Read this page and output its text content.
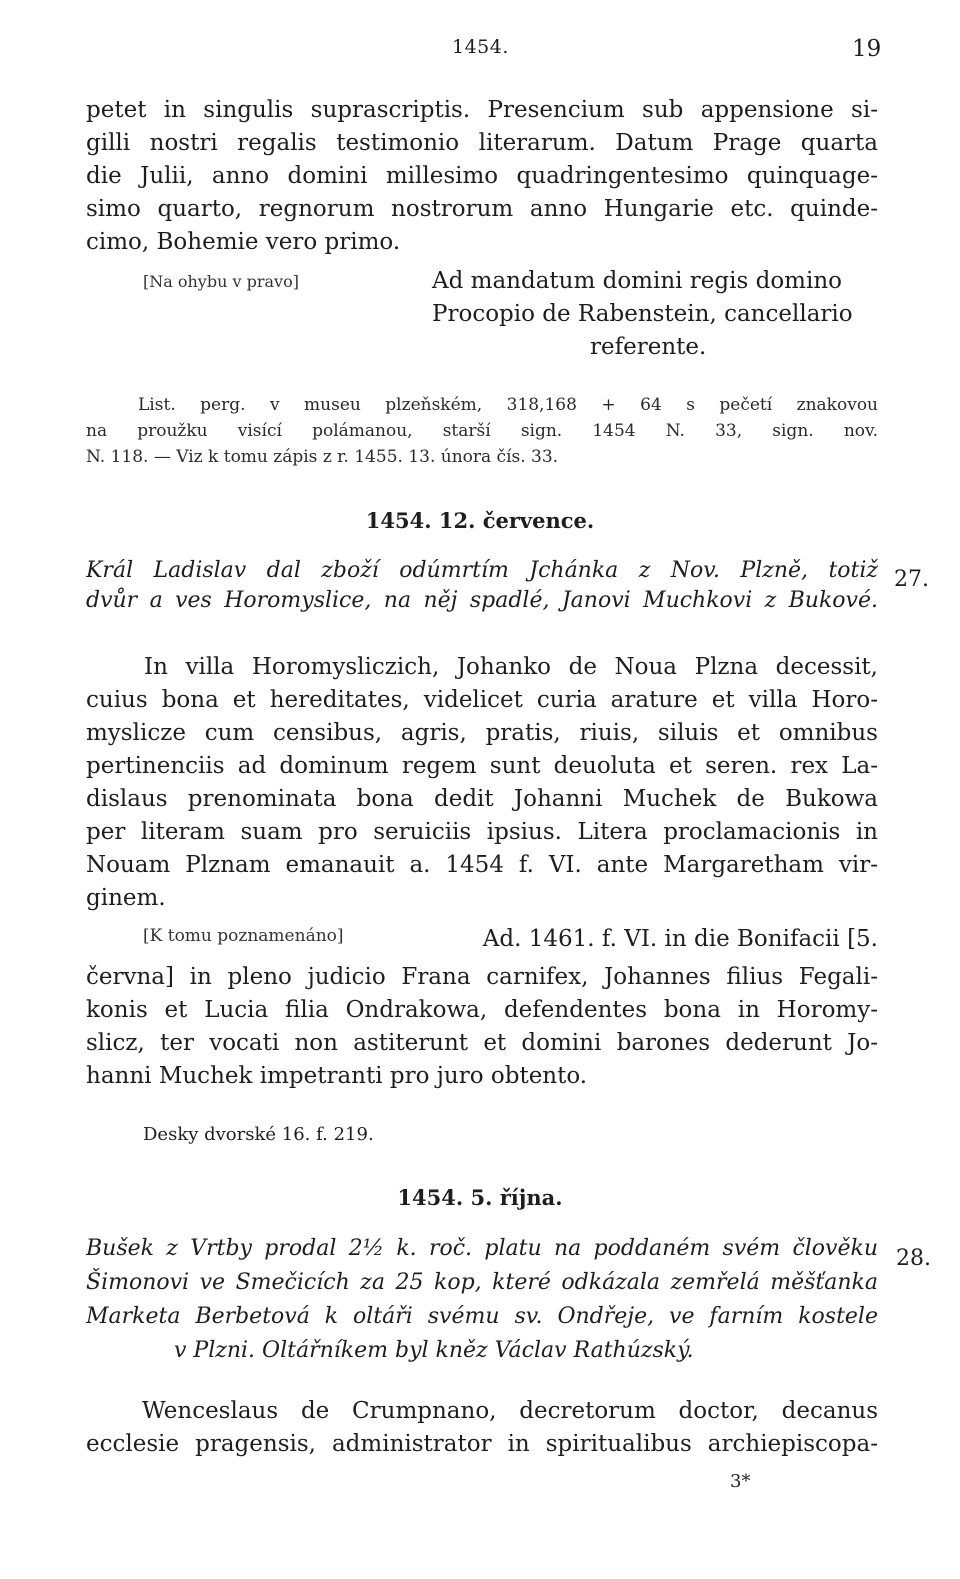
1454.	19
petet in singulis suprascriptis. Presencium sub appensione si-
gilli nostri regalis testimonio literarum. Datum Prage quarta
die Julii, anno domini millesimo quadringentesimo quinquage-
simo quarto, regnorum nostrorum anno Hungarie etc. quinde-
cimo, Bohemie vero primo.
[Na ohybu v pravo]	Ad mandatum domini regis domino
Procopio de Rabenstein, cancellario
referente.
List. perg. v museu plzeňském, 318,168 + 64 s pečetí znakovou
na proužku visící polámanou, starší sign. 1454 N. 33, sign. nov.
N. 118. — Viz k tomu zápis z r. 1455. 13. února čís. 33.
1454. 12. července.
Král Ladislav dal zboží odúmrtím Jchánka z Nov. Plzně, totiž
dvůr a ves Horomyslice, na něj spadlé, Janovi Muchkovi z Bukové.
27.
In villa Horomysliczich, Johanko de Noua Plzna decessit,
cuius bona et hereditates, videlicet curia arature et villa Horo-
myslicze cum censibus, agris, pratis, riuis, siluis et omnibus
pertinenciis ad dominum regem sunt deuoluta et seren. rex La-
dislaus prenominata bona dedit Johanni Muchek de Bukowa
per literam suam pro seruiciis ipsius. Litera proclamacionis in
Nouam Plznam emanauit a. 1454 f. VI. ante Margaretham vir-
ginem.
[K tomu poznamenáno]	Ad. 1461. f. VI. in die Bonifacii [5.
června] in pleno judicio Frana carnifex, Johannes filius Fegali-
konis et Lucia filia Ondrakowa, defendentes bona in Horomy-
slicz, ter vocati non astiterunt et domini barones dederunt Jo-
hanni Muchek impetranti pro juro obtento.
Desky dvorské 16. f. 219.
1454. 5. října.
Bušek z Vrtby prodal 2½ k. roč. platu na poddaném svém člověku
Šimonovi ve Smečicích za 25 kop, které odkázala zemřelá měšťanka
Marketa Berbetová k oltáři svému sv. Ondřeje, ve farním kostele
v Plzni. Oltářníkem byl kněz Václav Rathúzský.
28.
Wenceslaus de Crumpnano, decretorum doctor, decanus
ecclesie pragensis, administrator in spiritualibus archiepiscopa-
3*
